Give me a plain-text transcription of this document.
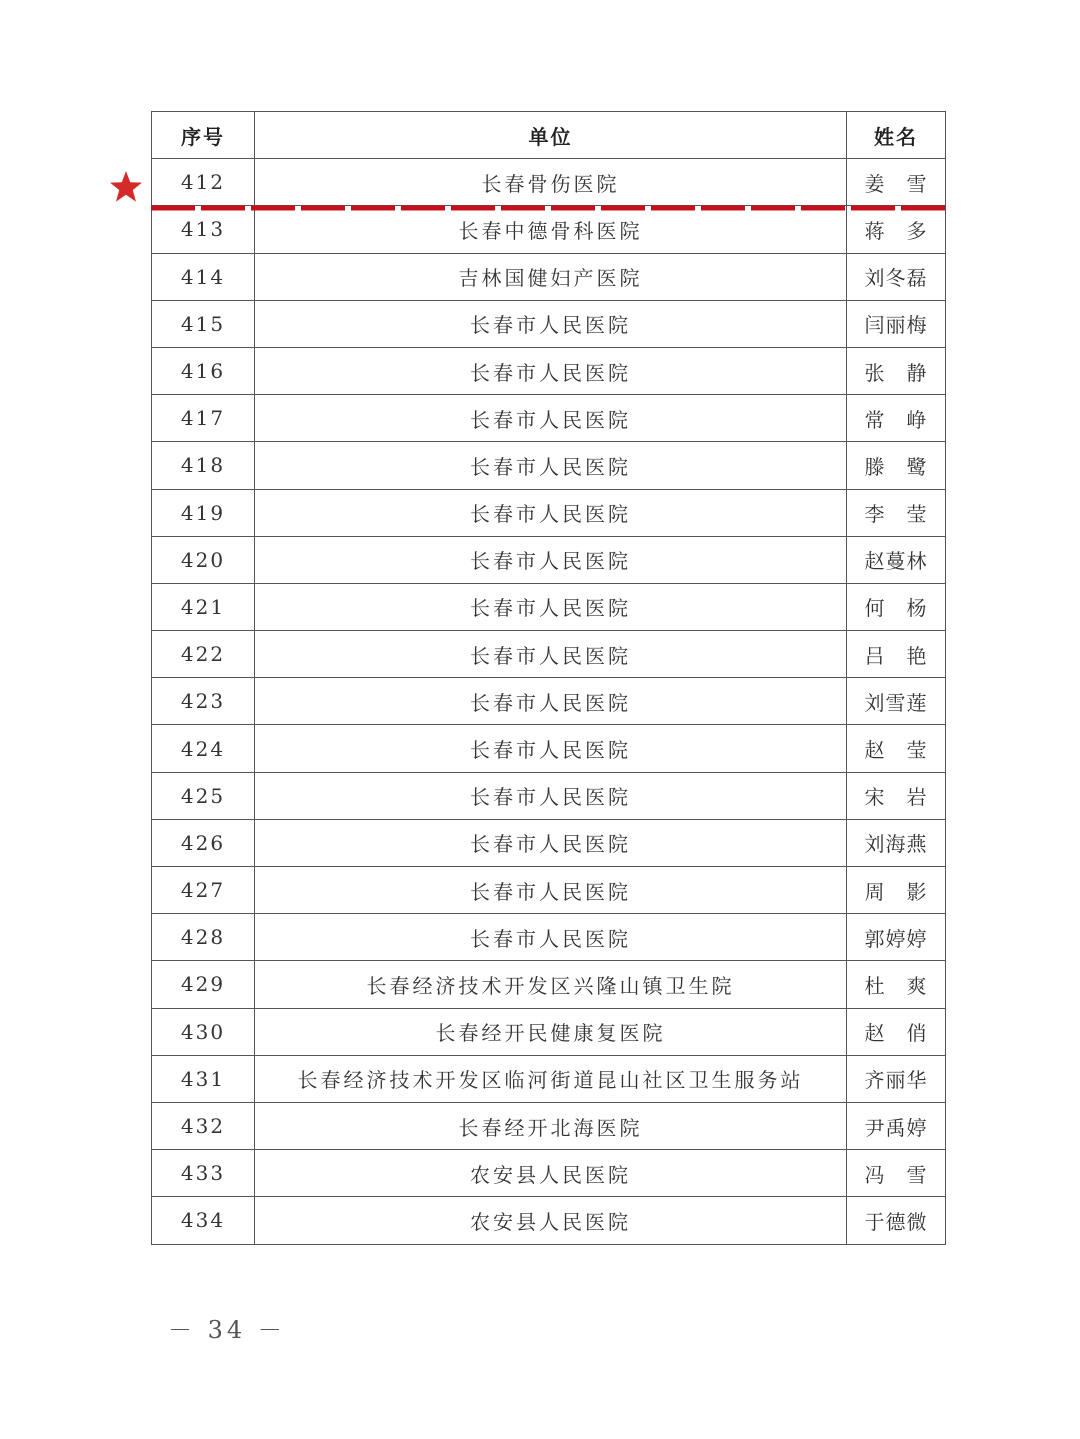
序号	单位	姓名
412	长春骨伤医院	姜　雪
413	长春中德骨科医院	蒋　多
414	吉林国健妇产医院	刘冬磊
415	长春市人民医院	闫丽梅
416	长春市人民医院	张　静
417	长春市人民医院	常　峥
418	长春市人民医院	滕　鹭
419	长春市人民医院	李　莹
420	长春市人民医院	赵蔓林
421	长春市人民医院	何　杨
422	长春市人民医院	吕　艳
423	长春市人民医院	刘雪莲
424	长春市人民医院	赵　莹
425	长春市人民医院	宋　岩
426	长春市人民医院	刘海燕
427	长春市人民医院	周　影
428	长春市人民医院	郭婷婷
429	长春经济技术开发区兴隆山镇卫生院	杜　爽
430	长春经开民健康复医院	赵　俏
431	长春经济技术开发区临河街道昆山社区卫生服务站	齐丽华
432	长春经开北海医院	尹禹婷
433	农安县人民医院	冯　雪
434	农安县人民医院	于德微
－ 34 －
